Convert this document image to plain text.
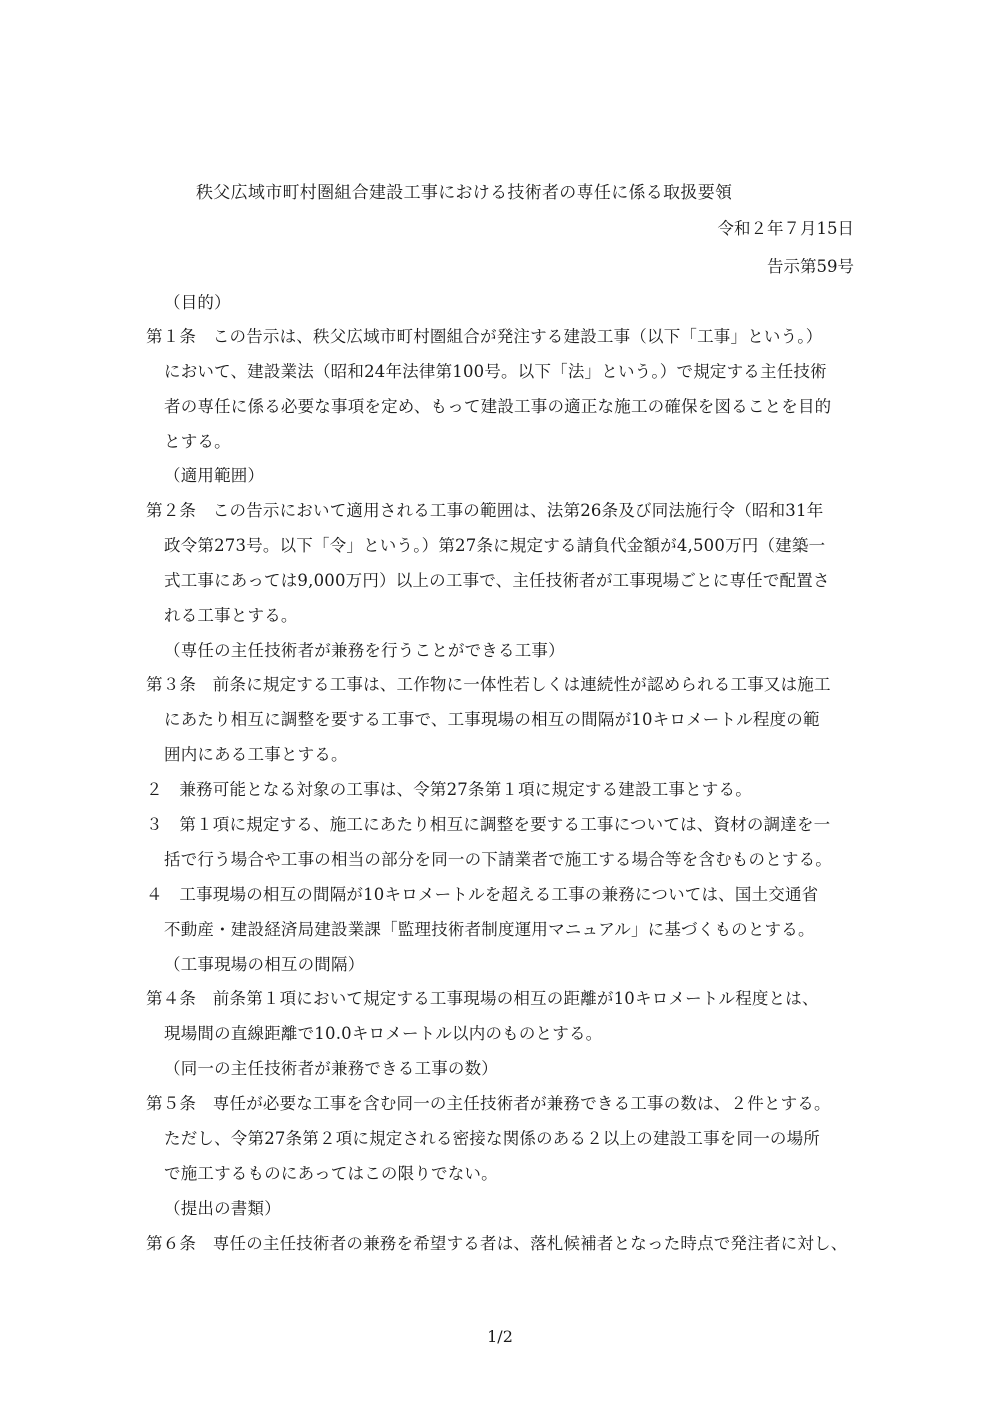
秩父広域市町村圏組合建設工事における技術者の専任に係る取扱要領
令和２年７月15日
告示第59号
（目的）
第１条　この告示は、秩父広域市町村圏組合が発注する建設工事（以下「工事」という。）
において、建設業法（昭和24年法律第100号。以下「法」という。）で規定する主任技術
者の専任に係る必要な事項を定め、もって建設工事の適正な施工の確保を図ることを目的
とする。
（適用範囲）
第２条　この告示において適用される工事の範囲は、法第26条及び同法施行令（昭和31年
政令第273号。以下「令」という。）第27条に規定する請負代金額が4,500万円（建築一
式工事にあっては9,000万円）以上の工事で、主任技術者が工事現場ごとに専任で配置さ
れる工事とする。
（専任の主任技術者が兼務を行うことができる工事）
第３条　前条に規定する工事は、工作物に一体性若しくは連続性が認められる工事又は施工
にあたり相互に調整を要する工事で、工事現場の相互の間隔が10キロメートル程度の範
囲内にある工事とする。
２　兼務可能となる対象の工事は、令第27条第１項に規定する建設工事とする。
３　第１項に規定する、施工にあたり相互に調整を要する工事については、資材の調達を一
括で行う場合や工事の相当の部分を同一の下請業者で施工する場合等を含むものとする。
４　工事現場の相互の間隔が10キロメートルを超える工事の兼務については、国土交通省
不動産・建設経済局建設業課「監理技術者制度運用マニュアル」に基づくものとする。
（工事現場の相互の間隔）
第４条　前条第１項において規定する工事現場の相互の距離が10キロメートル程度とは、
現場間の直線距離で10.0キロメートル以内のものとする。
（同一の主任技術者が兼務できる工事の数）
第５条　専任が必要な工事を含む同一の主任技術者が兼務できる工事の数は、２件とする。
ただし、令第27条第２項に規定される密接な関係のある２以上の建設工事を同一の場所
で施工するものにあってはこの限りでない。
（提出の書類）
第６条　専任の主任技術者の兼務を希望する者は、落札候補者となった時点で発注者に対し、
1/2
